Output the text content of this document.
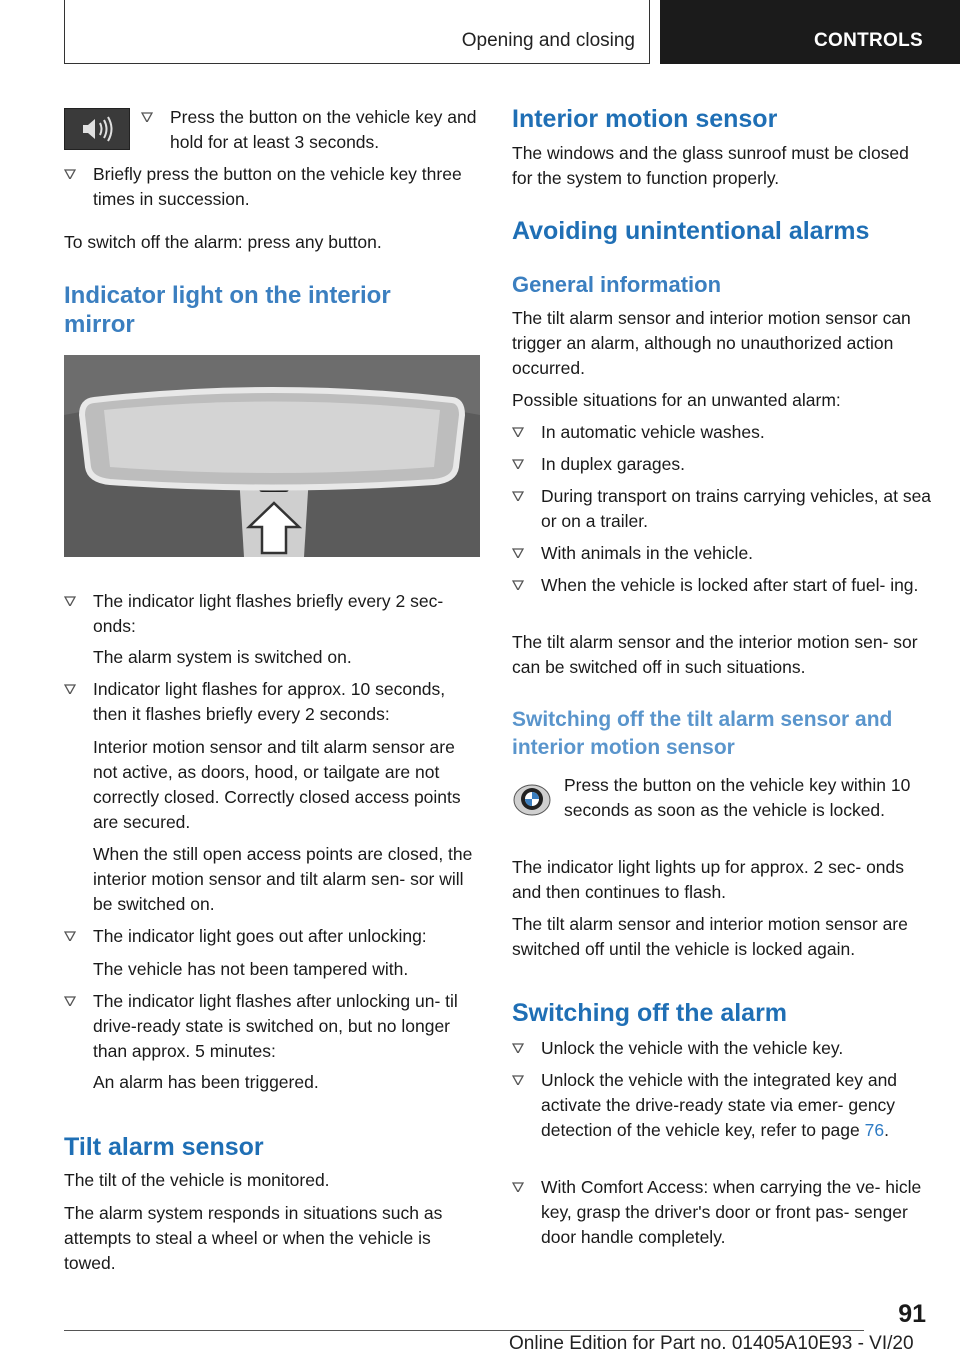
Opening and closing	CONTROLS
Press the button on the vehicle key and hold for at least 3 seconds.
Briefly press the button on the vehicle key three times in succession.

To switch off the alarm: press any button.

Indicator light on the interior mirror
The indicator light flashes briefly every 2 sec‐ onds:

The alarm system is switched on.

Indicator light flashes for approx. 10 seconds, then it flashes briefly every 2 seconds:

Interior motion sensor and tilt alarm sensor are not active, as doors, hood, or tailgate are not correctly closed. Correctly closed access points are secured.

When the still open access points are closed, the interior motion sensor and tilt alarm sen‐ sor will be switched on.

The indicator light goes out after unlocking:

The vehicle has not been tampered with.

The indicator light flashes after unlocking un‐ til drive-ready state is switched on, but no longer than approx. 5 minutes:

An alarm has been triggered.

Tilt alarm sensor

The tilt of the vehicle is monitored.

The alarm system responds in situations such as attempts to steal a wheel or when the vehicle is towed.

Interior motion sensor

The windows and the glass sunroof must be closed for the system to function properly.

Avoiding unintentional alarms
General information

The tilt alarm sensor and interior motion sensor can trigger an alarm, although no unauthorized action occurred.

Possible situations for an unwanted alarm:

In automatic vehicle washes.
In duplex garages.
During transport on trains carrying vehicles, at sea or on a trailer.
With animals in the vehicle.
When the vehicle is locked after start of fuel‐ ing.

The tilt alarm sensor and the interior motion sen‐ sor can be switched off in such situations.

Switching off the tilt alarm sensor and interior motion sensor

Press the button on the vehicle key within 10 seconds as soon as the vehicle is locked.

The indicator light lights up for approx. 2 sec‐ onds and then continues to flash.

The tilt alarm sensor and interior motion sensor are switched off until the vehicle is locked again.

Switching off the alarm
Unlock the vehicle with the vehicle key.
Unlock the vehicle with the integrated key and activate the drive-ready state via emer‐ gency detection of the vehicle key, refer to page 76.
With Comfort Access: when carrying the ve‐ hicle key, grasp the driver's door or front pas‐ senger door handle completely.
91
Online Edition for Part no. 01405A10E93 - VI/20
